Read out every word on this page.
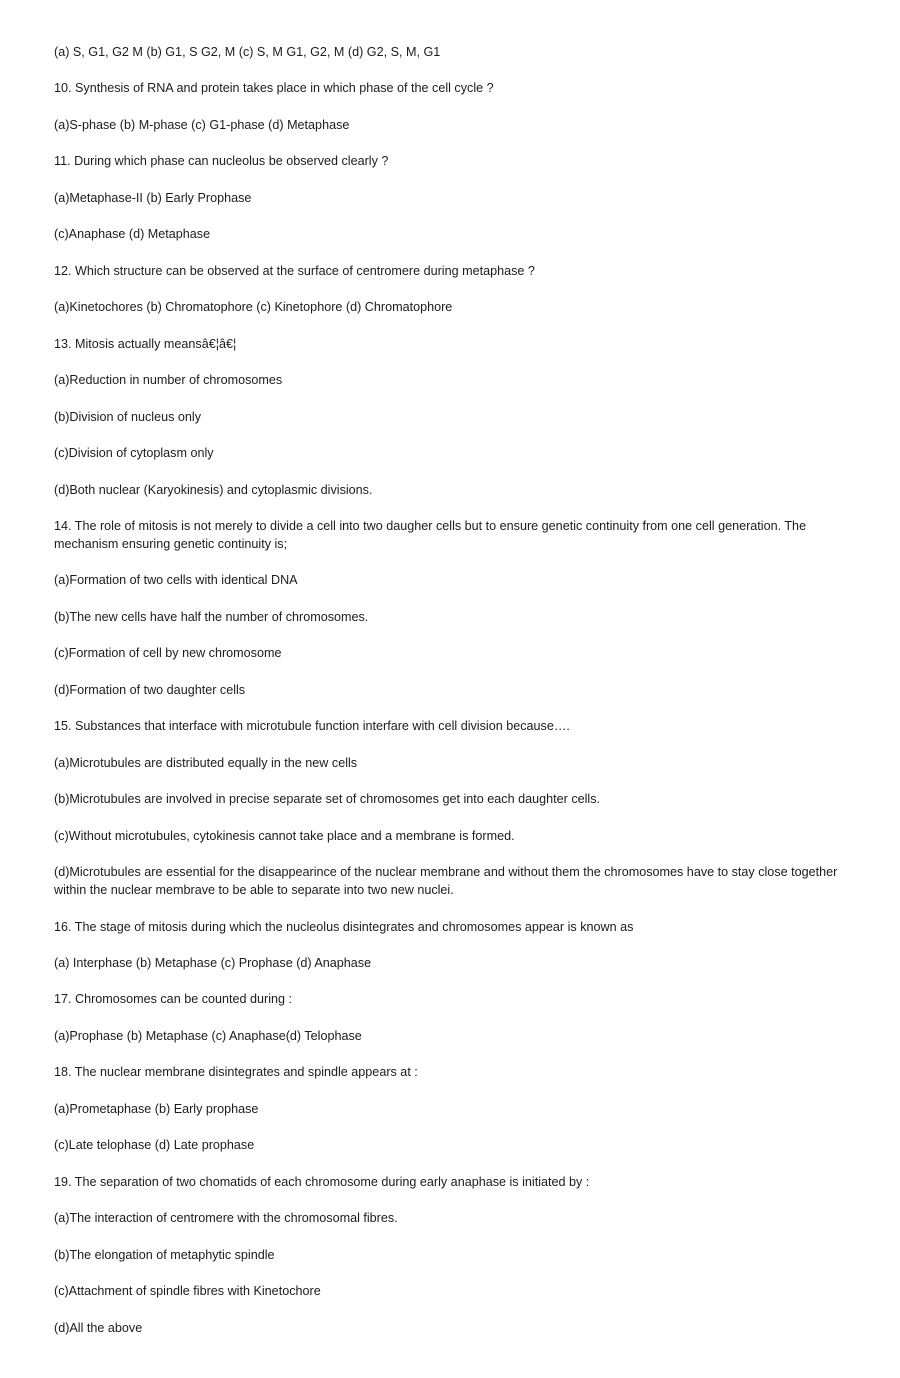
(a) S, G1, G2 M (b) G1, S G2, M (c) S, M G1, G2, M (d) G2, S, M, G1

10. Synthesis of RNA and protein takes place in which phase of the cell cycle ?

(a)S-phase (b) M-phase (c) G1-phase (d) Metaphase

11. During which phase can nucleolus be observed clearly ?

(a)Metaphase-II (b) Early Prophase

(c)Anaphase (d) Metaphase

12. Which structure can be observed at the surface of centromere during metaphase ?

(a)Kinetochores (b) Chromatophore (c) Kinetophore (d) Chromatophore

13. Mitosis actually meansâ€¦â€¦

(a)Reduction in number of chromosomes

(b)Division of nucleus only

(c)Division of cytoplasm only

(d)Both nuclear (Karyokinesis) and cytoplasmic divisions.

14. The role of mitosis is not merely to divide a cell into two daugher cells but to ensure genetic continuity from one cell generation. The mechanism ensuring genetic continuity is;

(a)Formation of two cells with identical DNA

(b)The new cells have half the number of chromosomes.

(c)Formation of cell by new chromosome

(d)Formation of two daughter cells

15. Substances that interface with microtubule function interfare with cell division because….

(a)Microtubules are distributed equally in the new cells

(b)Microtubules are involved in precise separate set of chromosomes get into each daughter cells.

(c)Without microtubules, cytokinesis cannot take place and a membrane is formed.

(d)Microtubules are essential for the disappearince of the nuclear membrane and without them the chromosomes have to stay close together within the nuclear membrave to be able to separate into two new nuclei.

16. The stage of mitosis during which the nucleolus disintegrates and chromosomes appear is known as

(a) Interphase (b) Metaphase (c) Prophase (d) Anaphase

17. Chromosomes can be counted during :

(a)Prophase (b) Metaphase (c) Anaphase(d) Telophase

18. The nuclear membrane disintegrates and spindle appears at :

(a)Prometaphase (b) Early prophase

(c)Late telophase (d) Late prophase

19. The separation of two chomatids of each chromosome during early anaphase is initiated by :

(a)The interaction of centromere with the chromosomal fibres.

(b)The elongation of metaphytic spindle

(c)Attachment of spindle fibres with Kinetochore

(d)All the above
